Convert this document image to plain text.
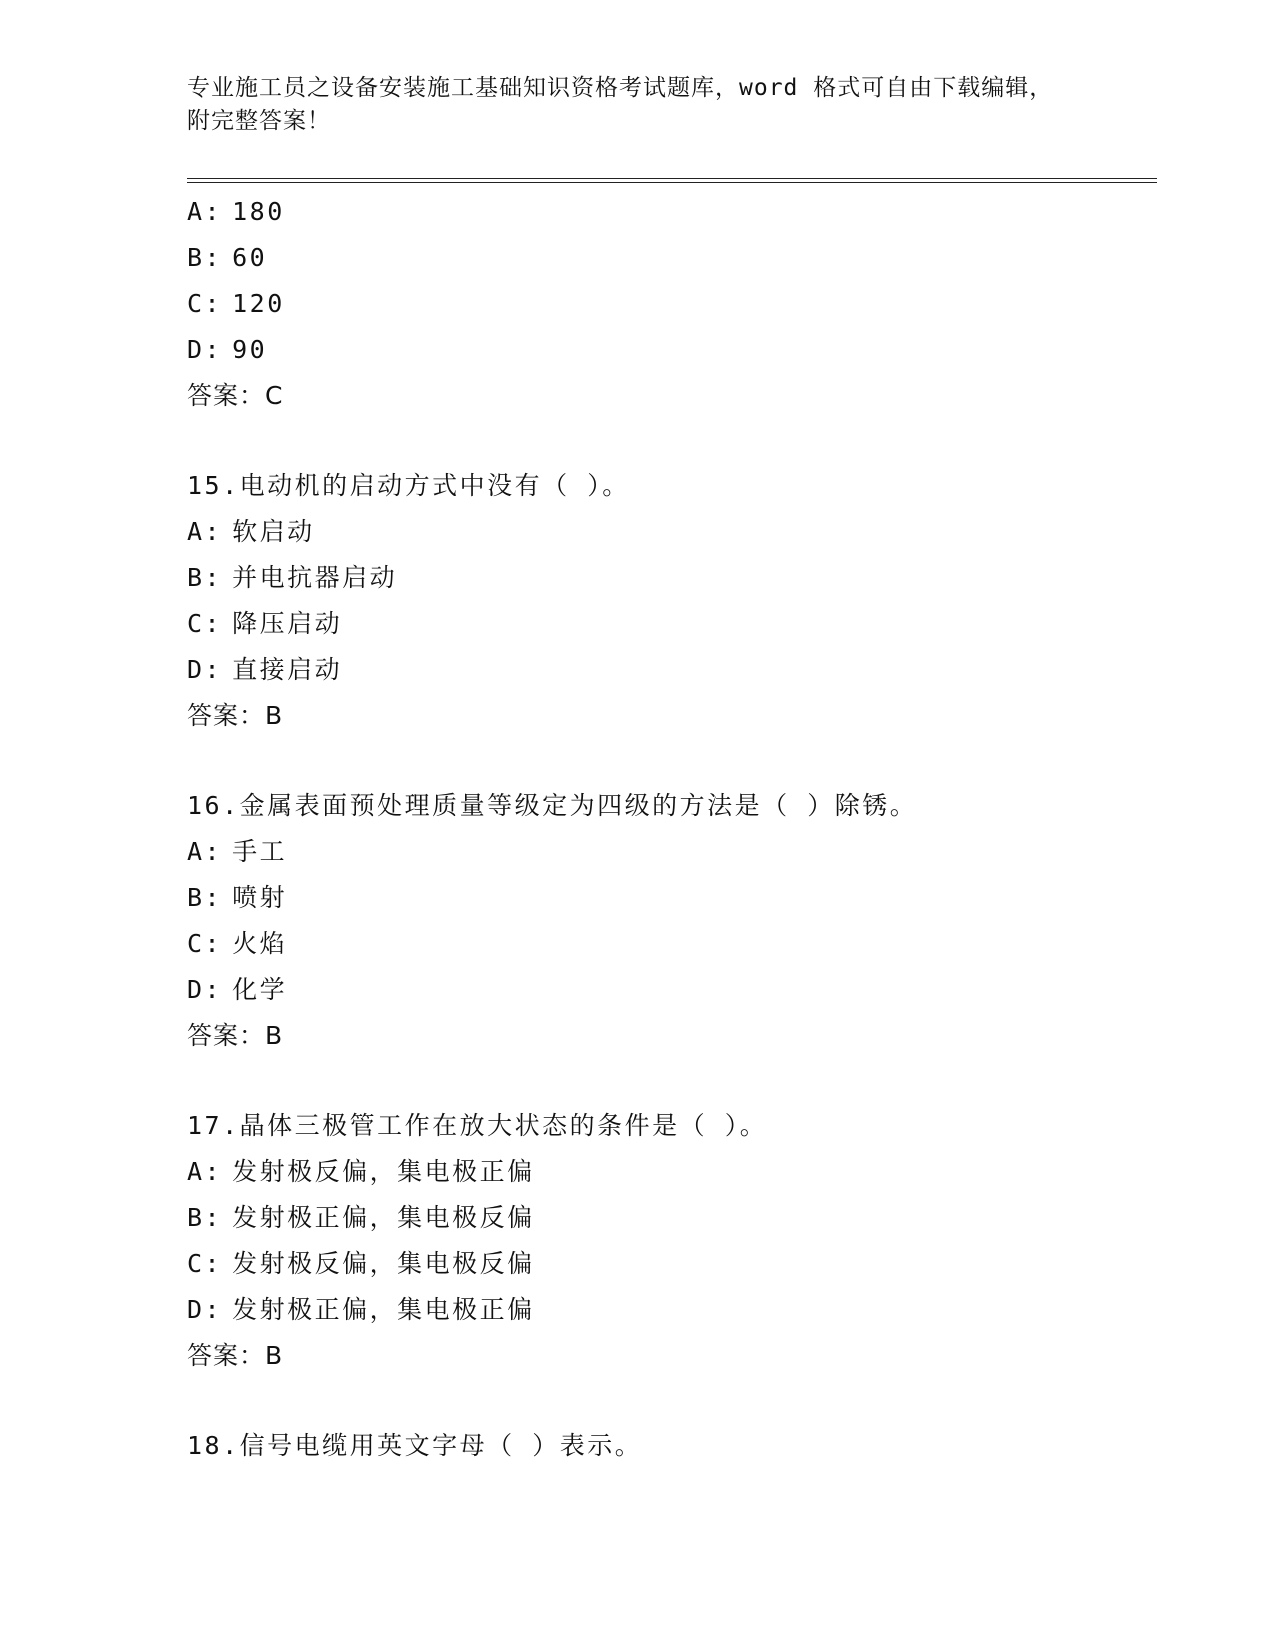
专业施工员之设备安装施工基础知识资格考试题库，word 格式可自由下载编辑，

附完整答案！

A: 180
B: 60
C: 120
D: 90
答案：C
15.电动机的启动方式中没有（ ）。
A: 软启动
B: 并电抗器启动
C: 降压启动
D: 直接启动
答案：B
16.金属表面预处理质量等级定为四级的方法是（ ）除锈。
A: 手工
B: 喷射
C: 火焰
D: 化学
答案：B
17.晶体三极管工作在放大状态的条件是（ ）。
A: 发射极反偏，集电极正偏
B: 发射极正偏，集电极反偏
C: 发射极反偏，集电极反偏
D: 发射极正偏，集电极正偏
答案：B
18.信号电缆用英文字母（ ）表示。
